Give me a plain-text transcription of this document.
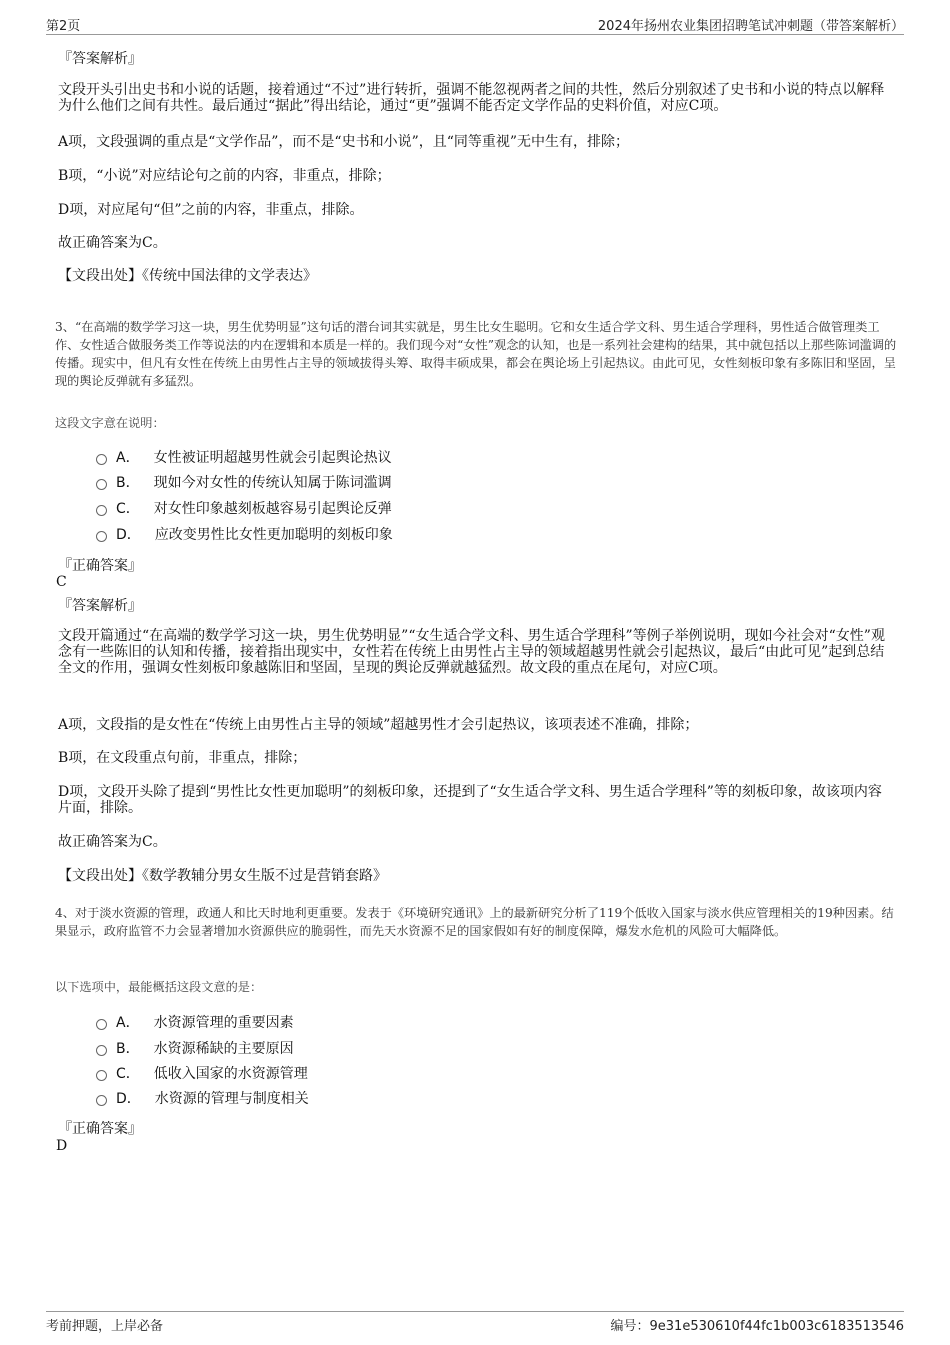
第2页	2024年扬州农业集团招聘笔试冲刺题（带答案解析）
『答案解析』
文段开头引出史书和小说的话题，接着通过“不过”进行转折，强调不能忽视两者之间的共性，然后分别叙述了史书和小说的特点以解释为什么他们之间有共性。最后通过“据此”得出结论，通过“更”强调不能否定文学作品的史料价值，对应C项。
A项，文段强调的重点是“文学作品”，而不是“史书和小说”，且“同等重视”无中生有，排除；
B项，“小说”对应结论句之前的内容，非重点，排除；
D项，对应尾句“但”之前的内容，非重点，排除。
故正确答案为C。
【文段出处】《传统中国法律的文学表达》
3、“在高端的数学学习这一块，男生优势明显”这句话的潜台词其实就是，男生比女生聪明。它和女生适合学文科、男生适合学理科，男性适合做管理类工作、女性适合做服务类工作等说法的内在逻辑和本质是一样的。我们现今对“女性”观念的认知，也是一系列社会建构的结果，其中就包括以上那些陈词滥调的传播。现实中，但凡有女性在传统上由男性占主导的领域拔得头筹、取得丰硕成果，都会在舆论场上引起热议。由此可见，女性刻板印象有多陈旧和坚固，呈现的舆论反弹就有多猛烈。
这段文字意在说明：
A． 女性被证明超越男性就会引起舆论热议
B． 现如今对女性的传统认知属于陈词滥调
C． 对女性印象越刻板越容易引起舆论反弹
D． 应改变男性比女性更加聪明的刻板印象
『正确答案』
C
『答案解析』
文段开篇通过“在高端的数学学习这一块，男生优势明显”“女生适合学文科、男生适合学理科”等例子举例说明，现如今社会对“女性”观念有一些陈旧的认知和传播，接着指出现实中，女性若在传统上由男性占主导的领域超越男性就会引起热议，最后“由此可见”起到总结全文的作用，强调女性刻板印象越陈旧和坚固，呈现的舆论反弹就越猛烈。故文段的重点在尾句，对应C项。
A项，文段指的是女性在“传统上由男性占主导的领域”超越男性才会引起热议，该项表述不准确，排除；
B项，在文段重点句前，非重点，排除；
D项，文段开头除了提到“男性比女性更加聪明”的刻板印象，还提到了“女生适合学文科、男生适合学理科”等的刻板印象，故该项内容片面，排除。
故正确答案为C。
【文段出处】《数学教辅分男女生版不过是营销套路》
4、对于淡水资源的管理，政通人和比天时地利更重要。发表于《环境研究通讯》上的最新研究分析了119个低收入国家与淡水供应管理相关的19种因素。结果显示，政府监管不力会显著增加水资源供应的脆弱性，而先天水资源不足的国家假如有好的制度保障，爆发水危机的风险可大幅降低。
以下选项中，最能概括这段文意的是：
A． 水资源管理的重要因素
B． 水资源稀缺的主要原因
C． 低收入国家的水资源管理
D． 水资源的管理与制度相关
『正确答案』
D
考前押题，上岸必备	编号：9e31e530610f44fc1b003c6183513546
